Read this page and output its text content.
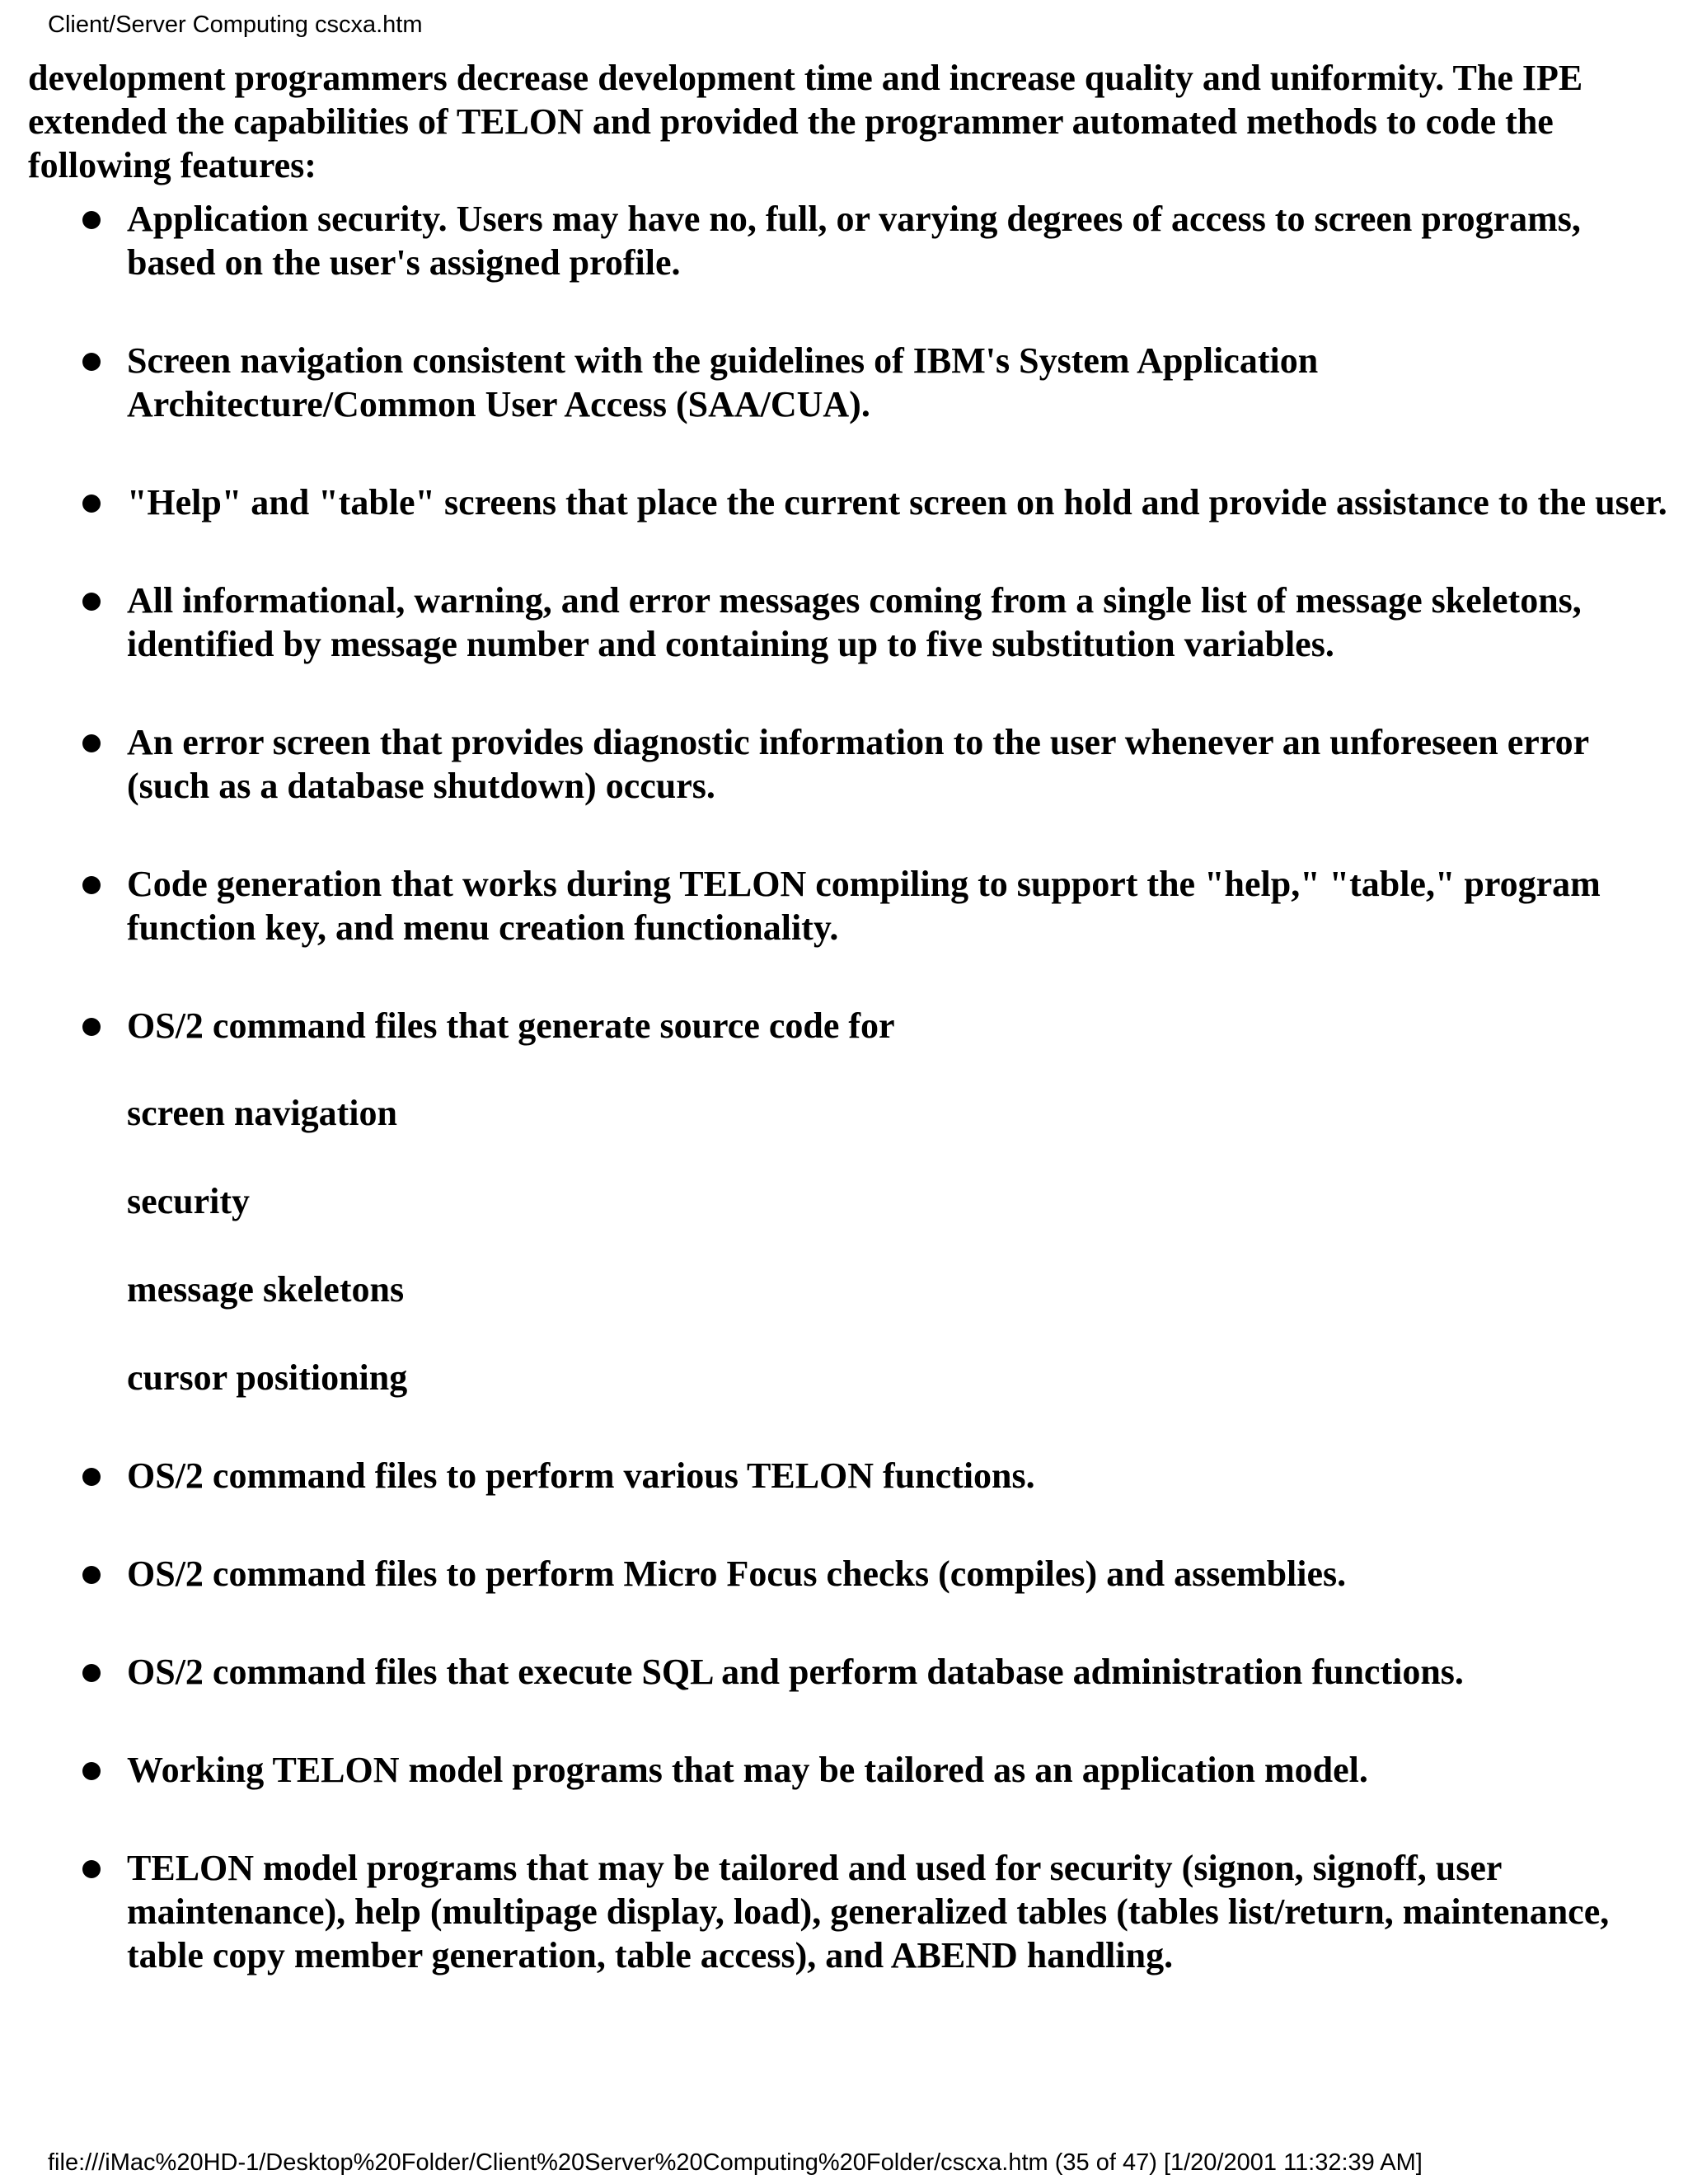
Client/Server Computing cscxa.htm

development programmers decrease development time and increase quality and uniformity. The IPE extended the capabilities of TELON and provided the programmer automated methods to code the following features:

Application security. Users may have no, full, or varying degrees of access to screen programs, based on the user's assigned profile.
Screen navigation consistent with the guidelines of IBM's System Application Architecture/Common User Access (SAA/CUA).
"Help" and "table" screens that place the current screen on hold and provide assistance to the user.
All informational, warning, and error messages coming from a single list of message skeletons, identified by message number and containing up to five substitution variables.
An error screen that provides diagnostic information to the user whenever an unforeseen error (such as a database shutdown) occurs.
Code generation that works during TELON compiling to support the "help," "table," program function key, and menu creation functionality.
OS/2 command files that generate source code for
screen navigation
security
message skeletons
cursor positioning
OS/2 command files to perform various TELON functions.
OS/2 command files to perform Micro Focus checks (compiles) and assemblies.
OS/2 command files that execute SQL and perform database administration functions.
Working TELON model programs that may be tailored as an application model.
TELON model programs that may be tailored and used for security (signon, signoff, user maintenance), help (multipage display, load), generalized tables (tables list/return, maintenance, table copy member generation, table access), and ABEND handling.
file:///iMac%20HD-1/Desktop%20Folder/Client%20Server%20Computing%20Folder/cscxa.htm (35 of 47) [1/20/2001 11:32:39 AM]
